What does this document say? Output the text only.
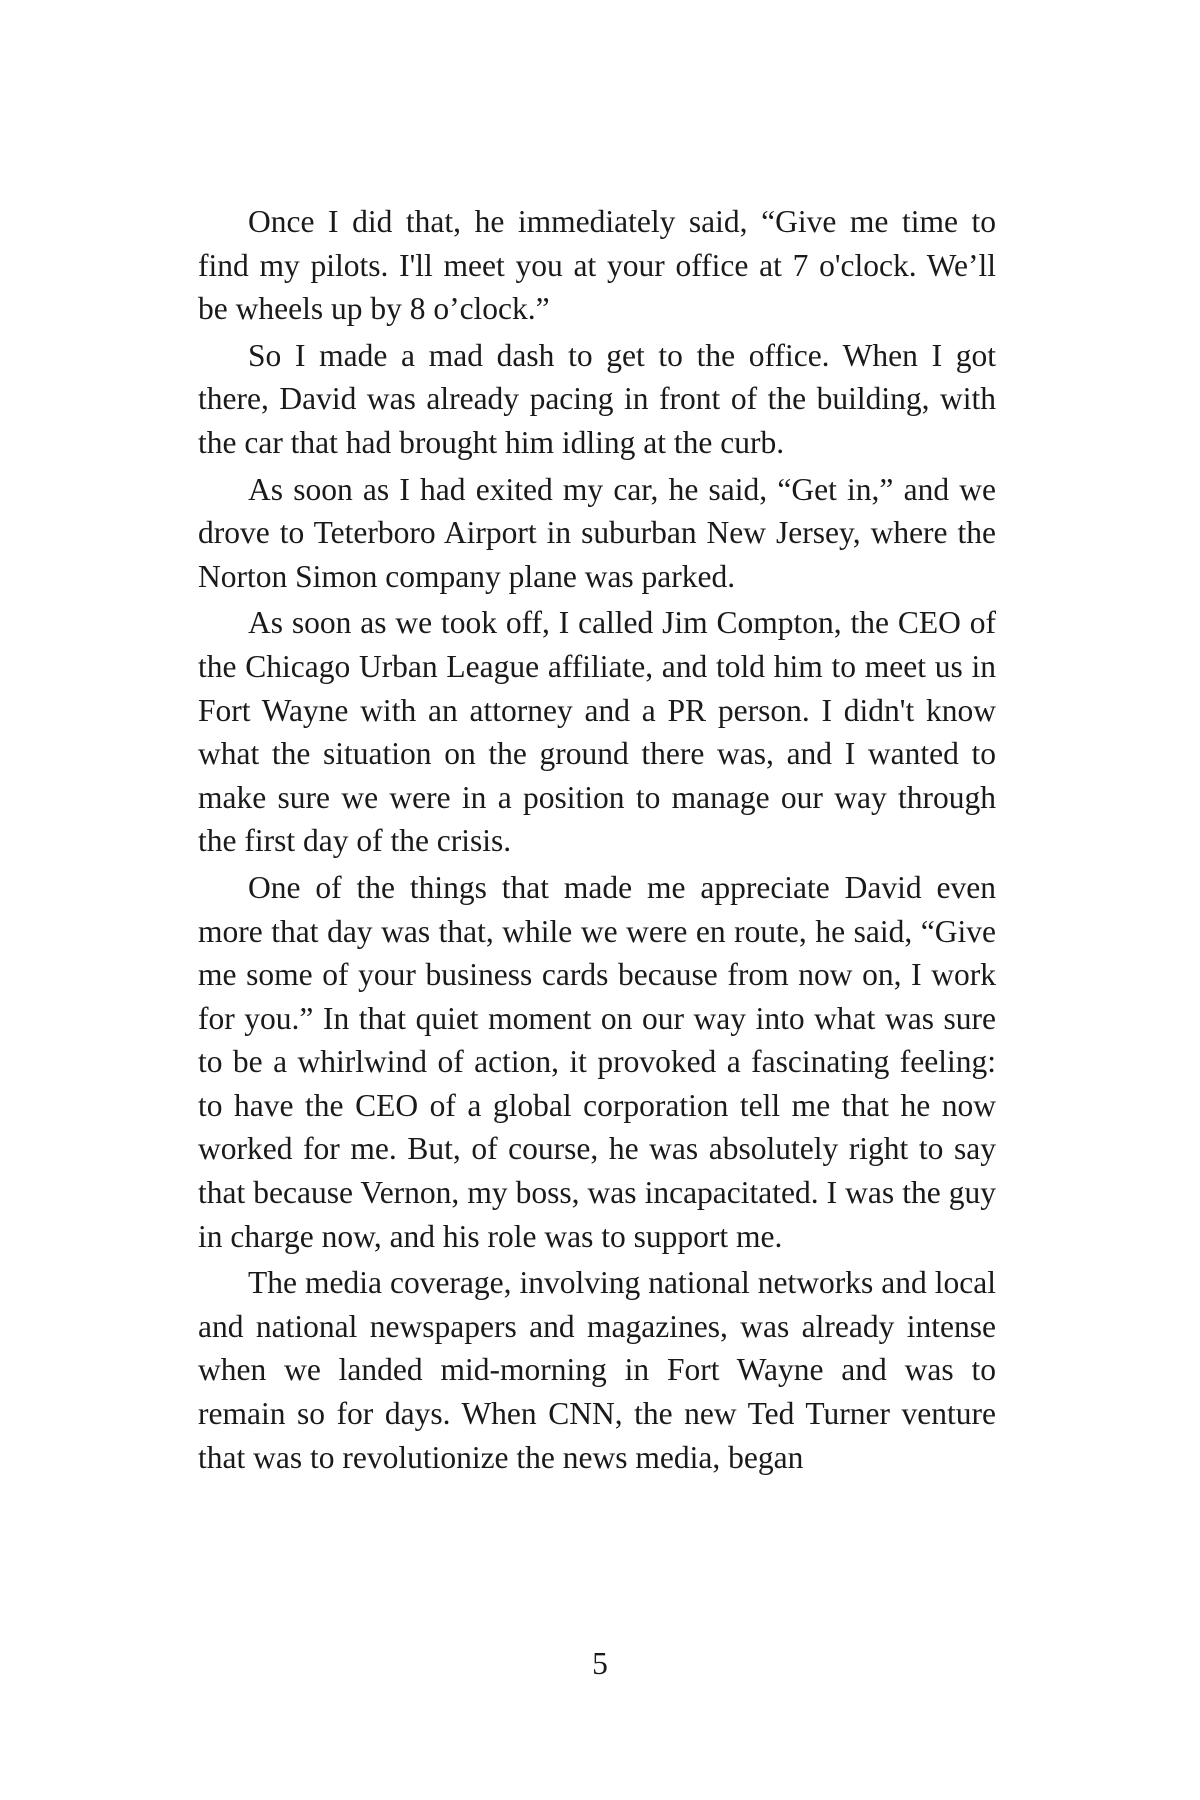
Once I did that, he immediately said, “Give me time to find my pilots. I'll meet you at your office at 7 o'clock. We’ll be wheels up by 8 o’clock.”

So I made a mad dash to get to the office. When I got there, David was already pacing in front of the building, with the car that had brought him idling at the curb.

As soon as I had exited my car, he said, “Get in,” and we drove to Teterboro Airport in suburban New Jersey, where the Norton Simon company plane was parked.

As soon as we took off, I called Jim Compton, the CEO of the Chicago Urban League affiliate, and told him to meet us in Fort Wayne with an attorney and a PR person. I didn't know what the situation on the ground there was, and I wanted to make sure we were in a position to manage our way through the first day of the crisis.

One of the things that made me appreciate David even more that day was that, while we were en route, he said, “Give me some of your business cards because from now on, I work for you.” In that quiet moment on our way into what was sure to be a whirlwind of action, it provoked a fascinating feeling: to have the CEO of a global corporation tell me that he now worked for me. But, of course, he was absolutely right to say that because Vernon, my boss, was incapacitated. I was the guy in charge now, and his role was to support me.

The media coverage, involving national networks and local and national newspapers and magazines, was already intense when we landed mid-morning in Fort Wayne and was to remain so for days. When CNN, the new Ted Turner venture that was to revolutionize the news media, began

5
